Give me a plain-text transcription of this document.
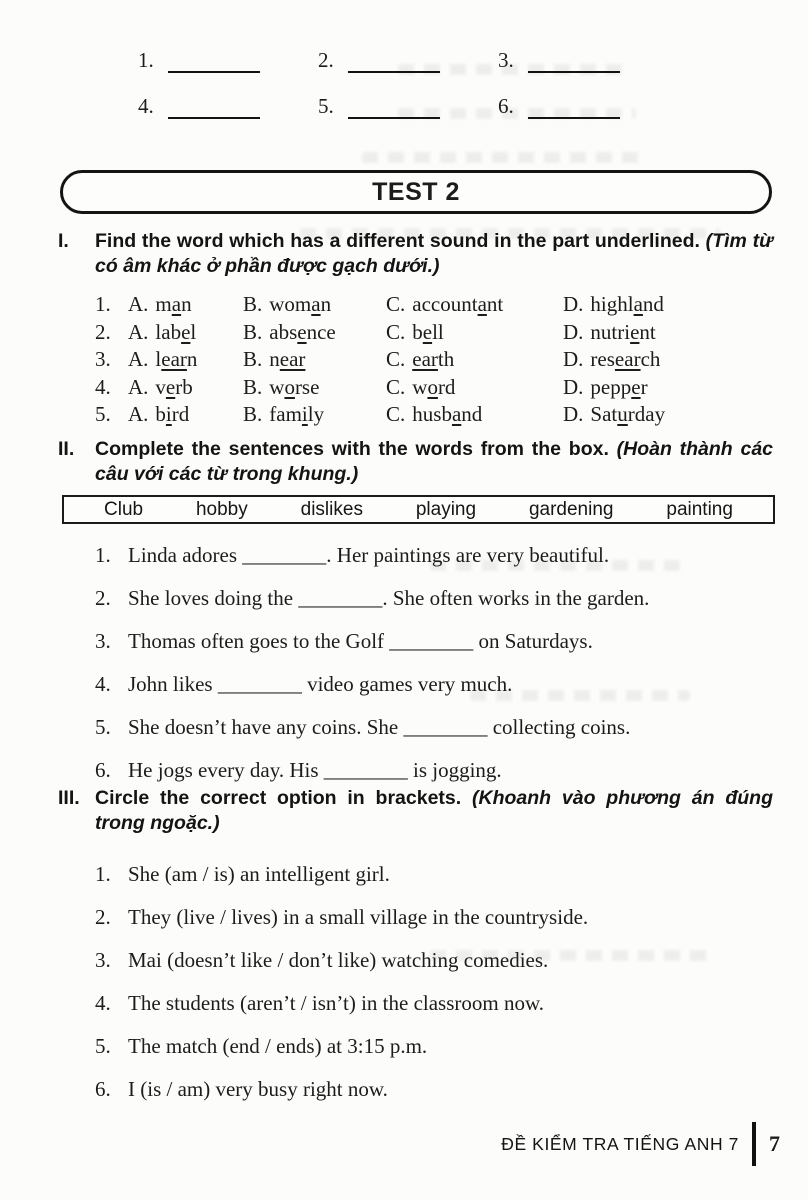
1.	2.	3.
4.	5.	6.
TEST 2
I.	Find the word which has a different sound in the part underlined. (Tìm từ có âm khác ở phần được gạch dưới.)
1. A. man	B. woman	C. accountant	D. highland
2. A. label	B. absence	C. bell	D. nutrient
3. A. learn	B. near	C. earth	D. research
4. A. verb	B. worse	C. word	D. pepper
5. A. bird	B. family	C. husband	D. Saturday
II.	Complete the sentences with the words from the box. (Hoàn thành các câu với các từ trong khung.)
Club	hobby	dislikes	playing	gardening	painting
1. Linda adores ________. Her paintings are very beautiful.
2. She loves doing the ________. She often works in the garden.
3. Thomas often goes to the Golf ________ on Saturdays.
4. John likes ________ video games very much.
5. She doesn’t have any coins. She ________ collecting coins.
6. He jogs every day. His ________ is jogging.
III. Circle the correct option in brackets. (Khoanh vào phương án đúng trong ngoặc.)
1. She (am / is) an intelligent girl.
2. They (live / lives) in a small village in the countryside.
3. Mai (doesn’t like / don’t like) watching comedies.
4. The students (aren’t / isn’t) in the classroom now.
5. The match (end / ends) at 3:15 p.m.
6. I (is / am) very busy right now.
ĐỀ KIỂM TRA TIẾNG ANH 7 7
